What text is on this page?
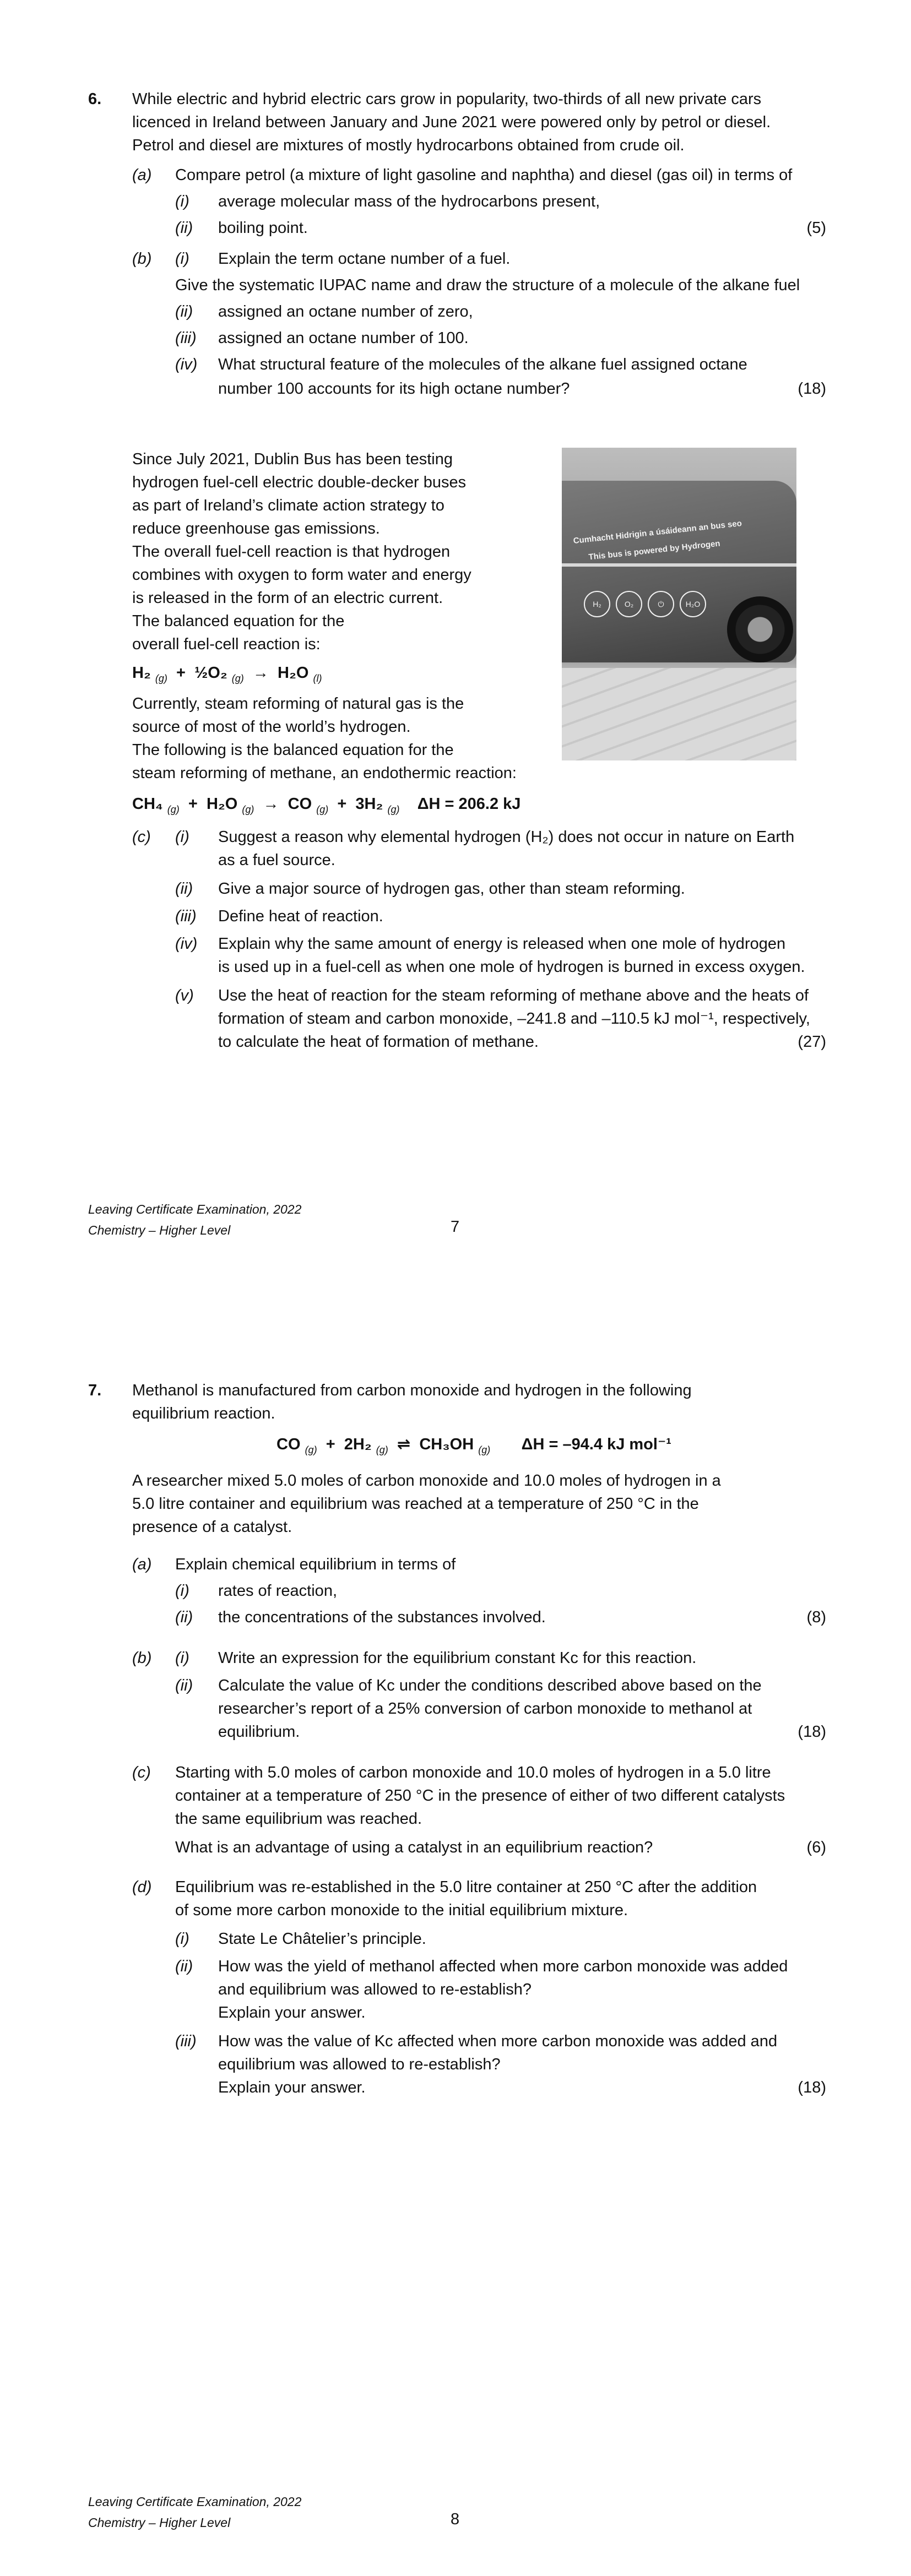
6. While electric and hybrid electric cars grow in popularity, two-thirds of all new private cars
licenced in Ireland between January and June 2021 were powered only by petrol or diesel.
Petrol and diesel are mixtures of mostly hydrocarbons obtained from crude oil.
(a) Compare petrol (a mixture of light gasoline and naphtha) and diesel (gas oil) in terms of
(i) average molecular mass of the hydrocarbons present,
(ii) boiling point.	(5)
(b) (i) Explain the term octane number of a fuel.
Give the systematic IUPAC name and draw the structure of a molecule of the alkane fuel
(ii) assigned an octane number of zero,
(iii) assigned an octane number of 100.
(iv) What structural feature of the molecules of the alkane fuel assigned octane
number 100 accounts for its high octane number?	(18)
Since July 2021, Dublin Bus has been testing
hydrogen fuel-cell electric double-decker buses
as part of Ireland’s climate action strategy to
reduce greenhouse gas emissions.
The overall fuel-cell reaction is that hydrogen
combines with oxygen to form water and energy
is released in the form of an electric current.
The balanced equation for the
overall fuel-cell reaction is:
Cumhacht Hidrigin a úsáideann an bus seo
This bus is powered by Hydrogen
H₂	O₂	⏻	H₂O
H₂ $_{(g)}$ + ½O₂ $_{(g)}$ → H₂O $_{(l)}$
Currently, steam reforming of natural gas is the
source of most of the world’s hydrogen.
The following is the balanced equation for the
steam reforming of methane, an endothermic reaction:
CH₄ $_{(g)}$ + H₂O $_{(g)}$ → CO $_{(g)}$ + 3H₂ $_{(g)}$ ΔH = 206.2 kJ
(c) (i) Suggest a reason why elemental hydrogen (H₂) does not occur in nature on Earth
as a fuel source.
(ii) Give a major source of hydrogen gas, other than steam reforming.
(iii) Define heat of reaction.
(iv) Explain why the same amount of energy is released when one mole of hydrogen
is used up in a fuel-cell as when one mole of hydrogen is burned in excess oxygen.
(v) Use the heat of reaction for the steam reforming of methane above and the heats of
formation of steam and carbon monoxide, –241.8 and –110.5 kJ mol⁻¹, respectively,
to calculate the heat of formation of methane.	(27)
Leaving Certificate Examination, 2022
Chemistry – Higher Level	7
7. Methanol is manufactured from carbon monoxide and hydrogen in the following
equilibrium reaction.
CO $_{(g)}$ + 2H₂ $_{(g)}$ ⇌ CH₃OH $_{(g)}$ ΔH = –94.4 kJ mol⁻¹
A researcher mixed 5.0 moles of carbon monoxide and 10.0 moles of hydrogen in a
5.0 litre container and equilibrium was reached at a temperature of 250 °C in the
presence of a catalyst.
(a) Explain chemical equilibrium in terms of
(i) rates of reaction,
(ii) the concentrations of the substances involved.	(8)
(b) (i) Write an expression for the equilibrium constant Kc for this reaction.
(ii) Calculate the value of Kc under the conditions described above based on the
researcher’s report of a 25% conversion of carbon monoxide to methanol at
equilibrium.	(18)
(c) Starting with 5.0 moles of carbon monoxide and 10.0 moles of hydrogen in a 5.0 litre
container at a temperature of 250 °C in the presence of either of two different catalysts
the same equilibrium was reached.
What is an advantage of using a catalyst in an equilibrium reaction?	(6)
(d) Equilibrium was re-established in the 5.0 litre container at 250 °C after the addition
of some more carbon monoxide to the initial equilibrium mixture.
(i) State Le Châtelier’s principle.
(ii) How was the yield of methanol affected when more carbon monoxide was added
and equilibrium was allowed to re-establish?
Explain your answer.
(iii) How was the value of Kc affected when more carbon monoxide was added and
equilibrium was allowed to re-establish?
Explain your answer.	(18)
Leaving Certificate Examination, 2022
Chemistry – Higher Level	8
